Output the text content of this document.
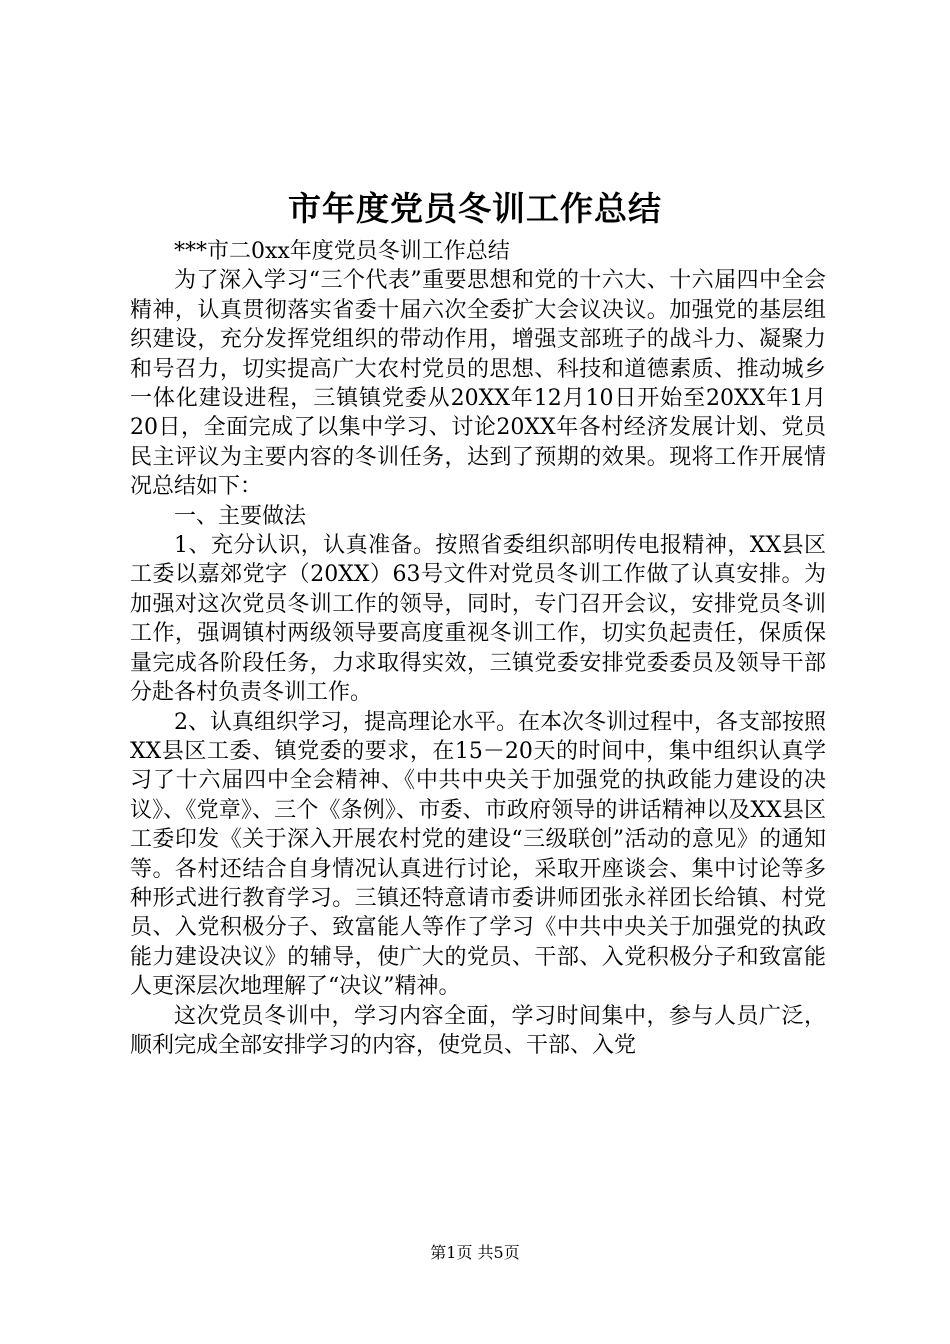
市年度党员冬训工作总结

***市二0xx年度党员冬训工作总结

为了深入学习“三个代表”重要思想和党的十六大、十六届四中全会精神，认真贯彻落实省委十届六次全委扩大会议决议。加强党的基层组织建设，充分发挥党组织的带动作用，增强支部班子的战斗力、凝聚力和号召力，切实提高广大农村党员的思想、科技和道德素质、推动城乡一体化建设进程，三镇镇党委从20XX年12月10日开始至20XX年1月20日，全面完成了以集中学习、讨论20XX年各村经济发展计划、党员民主评议为主要内容的冬训任务，达到了预期的效果。现将工作开展情况总结如下：

一、主要做法

1、充分认识，认真准备。按照省委组织部明传电报精神，XX县区工委以嘉郊党字（20XX）63号文件对党员冬训工作做了认真安排。为加强对这次党员冬训工作的领导，同时，专门召开会议，安排党员冬训工作，强调镇村两级领导要高度重视冬训工作，切实负起责任，保质保量完成各阶段任务，力求取得实效，三镇党委安排党委委员及领导干部分赴各村负责冬训工作。

2、认真组织学习，提高理论水平。在本次冬训过程中，各支部按照XX县区工委、镇党委的要求，在15－20天的时间中，集中组织认真学习了十六届四中全会精神、《中共中央关于加强党的执政能力建设的决议》、《党章》、三个《条例》、市委、市政府领导的讲话精神以及XX县区工委印发《关于深入开展农村党的建设“三级联创”活动的意见》的通知等。各村还结合自身情况认真进行讨论，采取开座谈会、集中讨论等多种形式进行教育学习。三镇还特意请市委讲师团张永祥团长给镇、村党员、入党积极分子、致富能人等作了学习《中共中央关于加强党的执政能力建设决议》的辅导，使广大的党员、干部、入党积极分子和致富能人更深层次地理解了“决议”精神。

这次党员冬训中，学习内容全面，学习时间集中，参与人员广泛，顺利完成全部安排学习的内容，使党员、干部、入党

第1页 共5页
